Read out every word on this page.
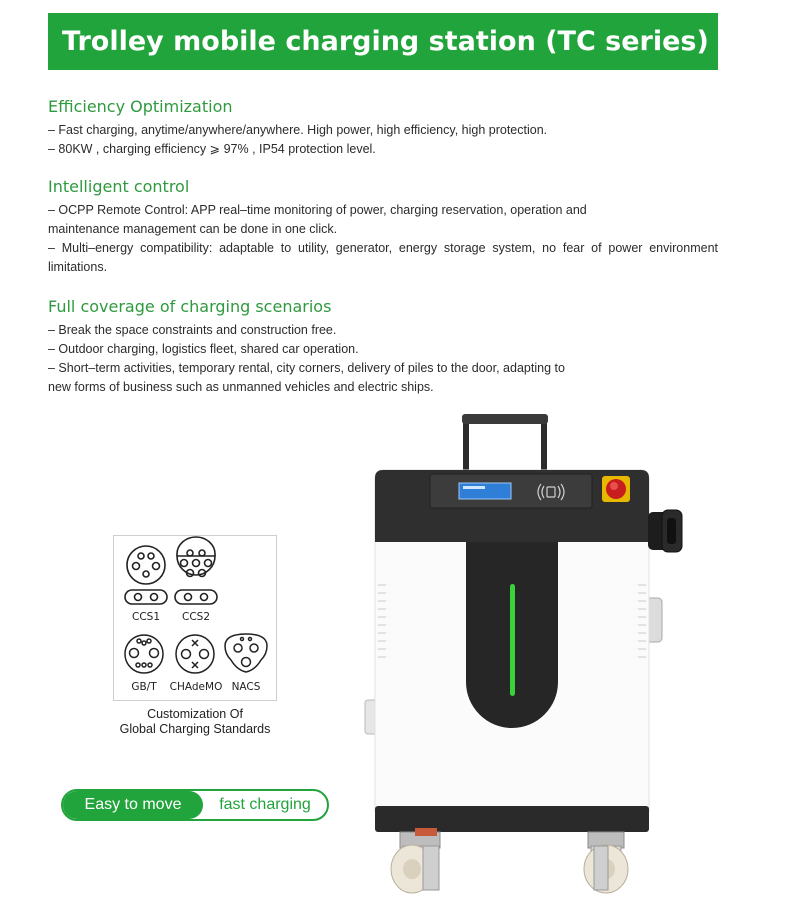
Trolley mobile charging station (TC series)
Efficiency Optimization

– Fast charging, anytime/anywhere/anywhere. High power, high efficiency, high protection.

– 80KW , charging efficiency ⩾ 97% , IP54 protection level.

Intelligent control

– OCPP Remote Control: APP real–time monitoring of power, charging reservation, operation and maintenance management can be done in one click.

– Multi–energy compatibility: adaptable to utility, generator, energy storage system, no fear of power environment limitations.

Full coverage of charging scenarios

– Break the space constraints and construction free.

– Outdoor charging, logistics fleet, shared car operation.

– Short–term activities, temporary rental, city corners, delivery of piles to the door, adapting to

new forms of business such as unmanned vehicles and electric ships.

CCS1	CCS2
GB/T	CHAdeMO NACS
Customization Of
Global Charging Standards
Easy to move	fast charging
